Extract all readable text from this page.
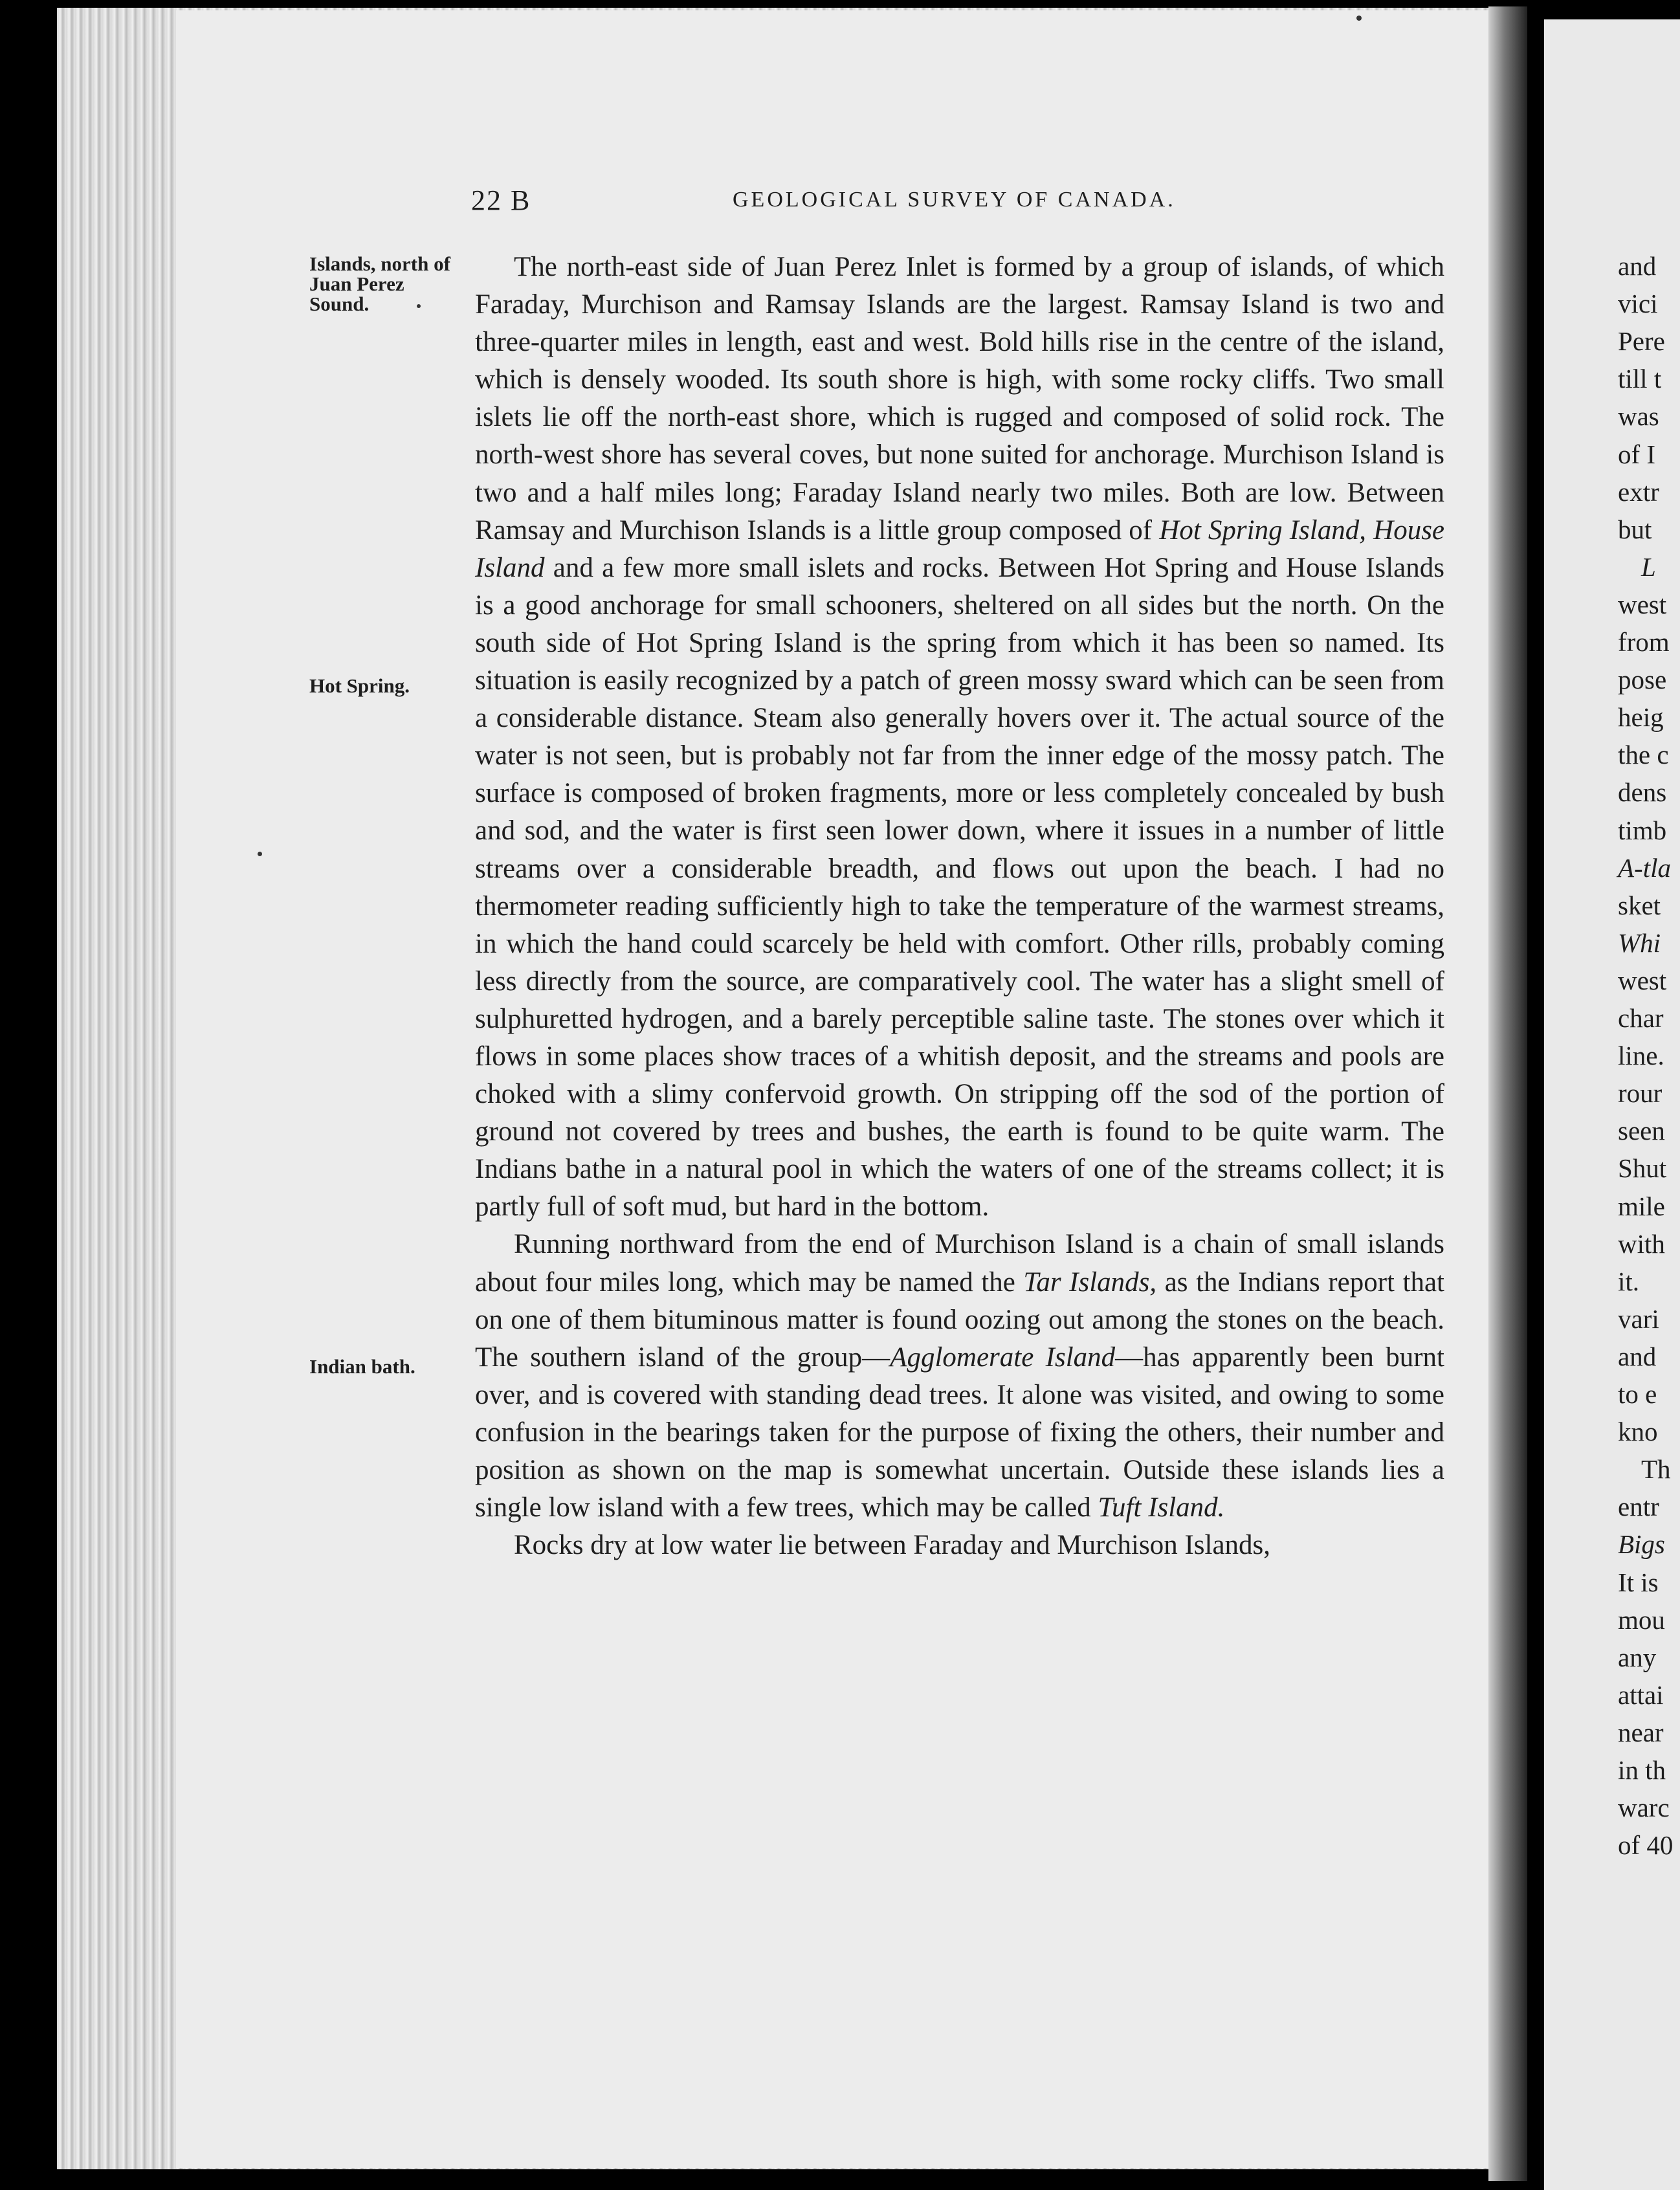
and
vici
Pere
till t
was
of I
extr
but
L
west
from
pose
heig
the c
dens
timb
A-tla
sket
Whi
west
char
line.
rour
seen
Shut
mile
with
it.
vari
and
to e
kno
Th
entr
Bigs
It is
mou
any
attai
near
in th
warc
of 40
22 B	GEOLOGICAL SURVEY OF CANADA.
Islands, north of Juan Perez Sound.
Hot Spring.
Indian bath.

The north-east side of Juan Perez Inlet is formed by a group of islands, of which Faraday, Murchison and Ramsay Islands are the largest. Ramsay Island is two and three-quarter miles in length, east and west. Bold hills rise in the centre of the island, which is densely wooded. Its south shore is high, with some rocky cliffs. Two small islets lie off the north-east shore, which is rugged and composed of solid rock. The north-west shore has several coves, but none suited for anchorage. Murchison Island is two and a half miles long; Faraday Island nearly two miles. Both are low. Between Ramsay and Murchison Islands is a little group composed of Hot Spring Island, House Island and a few more small islets and rocks. Between Hot Spring and House Islands is a good anchorage for small schooners, sheltered on all sides but the north. On the south side of Hot Spring Island is the spring from which it has been so named. Its situation is easily recognized by a patch of green mossy sward which can be seen from a considerable distance. Steam also generally hovers over it. The actual source of the water is not seen, but is probably not far from the inner edge of the mossy patch. The surface is composed of broken fragments, more or less completely concealed by bush and sod, and the water is first seen lower down, where it issues in a number of little streams over a considerable breadth, and flows out upon the beach. I had no thermometer reading sufficiently high to take the temperature of the warmest streams, in which the hand could scarcely be held with comfort. Other rills, probably coming less directly from the source, are comparatively cool. The water has a slight smell of sulphuretted hydrogen, and a barely perceptible saline taste. The stones over which it flows in some places show traces of a whitish deposit, and the streams and pools are choked with a slimy confervoid growth. On stripping off the sod of the portion of ground not covered by trees and bushes, the earth is found to be quite warm. The Indians bathe in a natural pool in which the waters of one of the streams collect; it is partly full of soft mud, but hard in the bottom.

Running northward from the end of Murchison Island is a chain of small islands about four miles long, which may be named the Tar Islands, as the Indians report that on one of them bituminous matter is found oozing out among the stones on the beach. The southern island of the group—Agglomerate Island—has apparently been burnt over, and is covered with standing dead trees. It alone was visited, and owing to some confusion in the bearings taken for the purpose of fixing the others, their number and position as shown on the map is somewhat uncertain. Outside these islands lies a single low island with a few trees, which may be called Tuft Island.

Rocks dry at low water lie between Faraday and Murchison Islands,
